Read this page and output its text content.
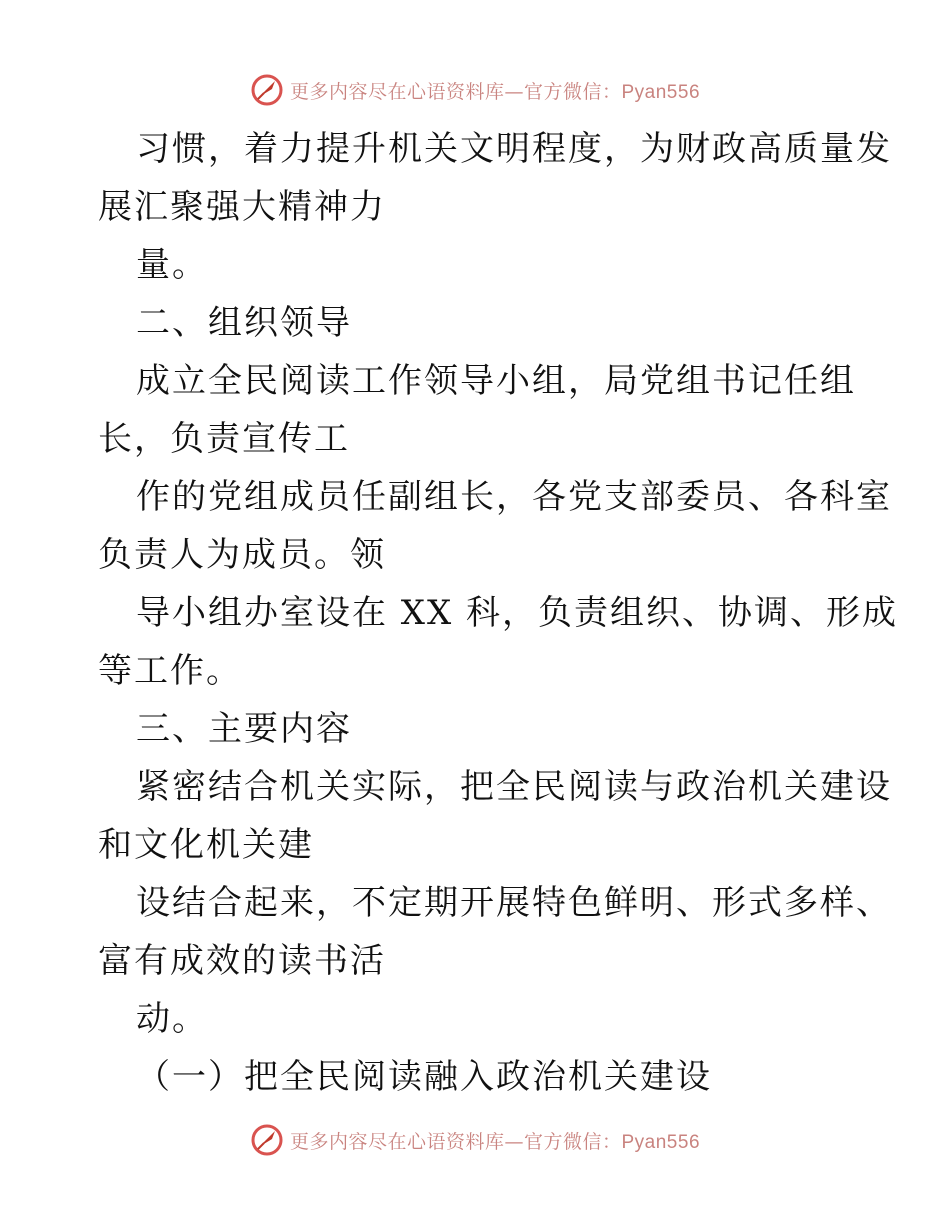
更多内容尽在心语资料库—官方微信：Pyan556
习惯，着力提升机关文明程度，为财政高质量发
展汇聚强大精神力
量。
二、组织领导
成立全民阅读工作领导小组，局党组书记任组
长，负责宣传工
作的党组成员任副组长，各党支部委员、各科室
负责人为成员。领
导小组办室设在 XX 科，负责组织、协调、形成
等工作。
三、主要内容
紧密结合机关实际，把全民阅读与政治机关建设
和文化机关建
设结合起来，不定期开展特色鲜明、形式多样、
富有成效的读书活
动。
（一）把全民阅读融入政治机关建设
更多内容尽在心语资料库—官方微信：Pyan556
